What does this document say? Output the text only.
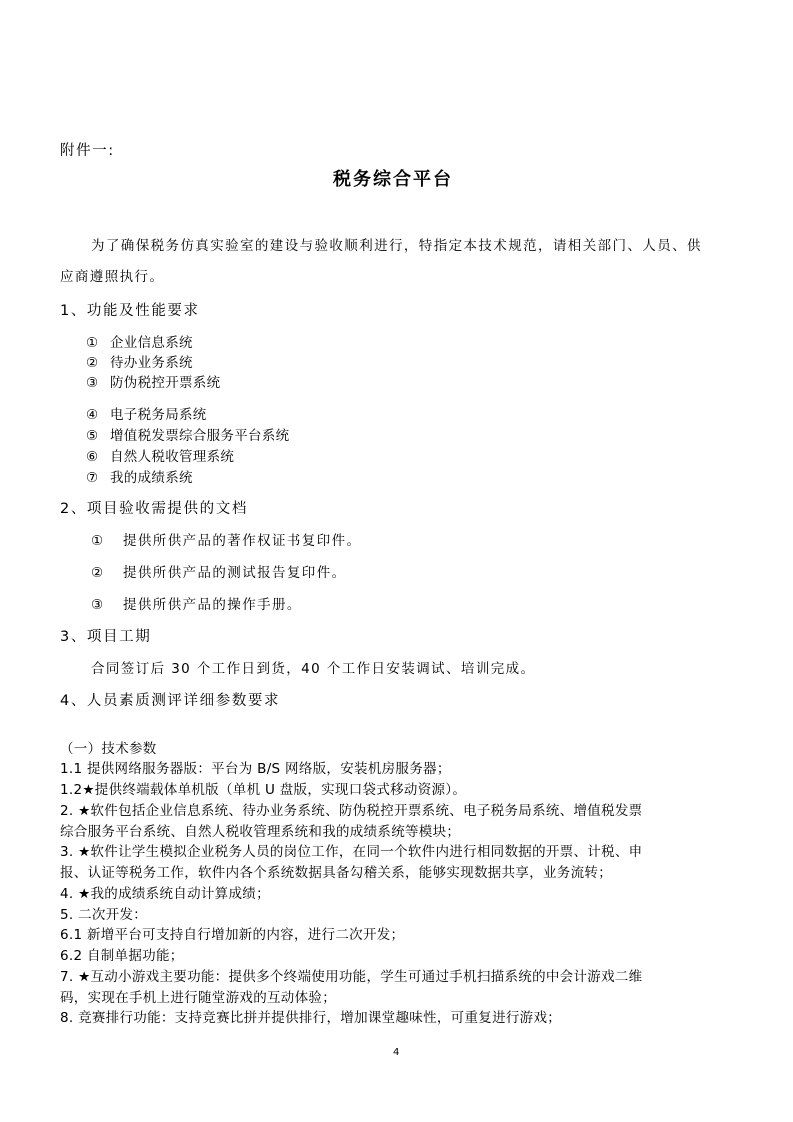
附件一:
税务综合平台
为了确保税务仿真实验室的建设与验收顺利进行，特指定本技术规范，请相关部门、人员、供
应商遵照执行。
1、功能及性能要求
① 企业信息系统
② 待办业务系统
③ 防伪税控开票系统
④ 电子税务局系统
⑤ 增值税发票综合服务平台系统
⑥ 自然人税收管理系统
⑦ 我的成绩系统
2、项目验收需提供的文档
① 提供所供产品的著作权证书复印件。
② 提供所供产品的测试报告复印件。
③ 提供所供产品的操作手册。
3、项目工期
合同签订后 30 个工作日到货，40 个工作日安装调试、培训完成。
4、人员素质测评详细参数要求
（一）技术参数
1.1 提供网络服务器版：平台为 B/S 网络版，安装机房服务器；
1.2★提供终端载体单机版（单机 U 盘版，实现口袋式移动资源）。
2. ★软件包括企业信息系统、待办业务系统、防伪税控开票系统、电子税务局系统、增值税发票
综合服务平台系统、自然人税收管理系统和我的成绩系统等模块；
3. ★软件让学生模拟企业税务人员的岗位工作，在同一个软件内进行相同数据的开票、计税、申
报、认证等税务工作，软件内各个系统数据具备勾稽关系，能够实现数据共享，业务流转；
4. ★我的成绩系统自动计算成绩；
5. 二次开发：
6.1 新增平台可支持自行增加新的内容，进行二次开发；
6.2 自制单据功能；
7. ★互动小游戏主要功能：提供多个终端使用功能，学生可通过手机扫描系统的中会计游戏二维
码，实现在手机上进行随堂游戏的互动体验；
8. 竞赛排行功能：支持竞赛比拼并提供排行，增加课堂趣味性，可重复进行游戏；
4
